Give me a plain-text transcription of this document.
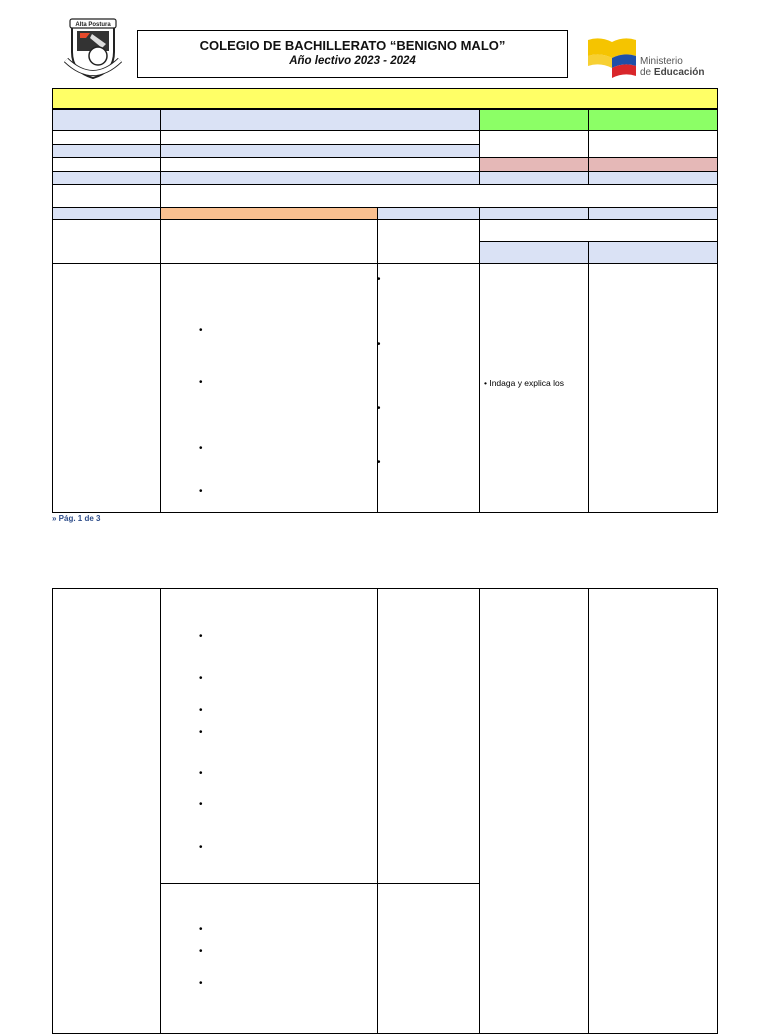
Alta Postura
COLEGIO DE BACHILLERATO “BENIGNO MALO”
Año lectivo 2023 - 2024	Ministerio
de Educación
•
•
•
•
•
•
•
•
• Indaga y explica los
» Pág. 1 de 3
•
•
•
•
•
•
•
•
•
•
